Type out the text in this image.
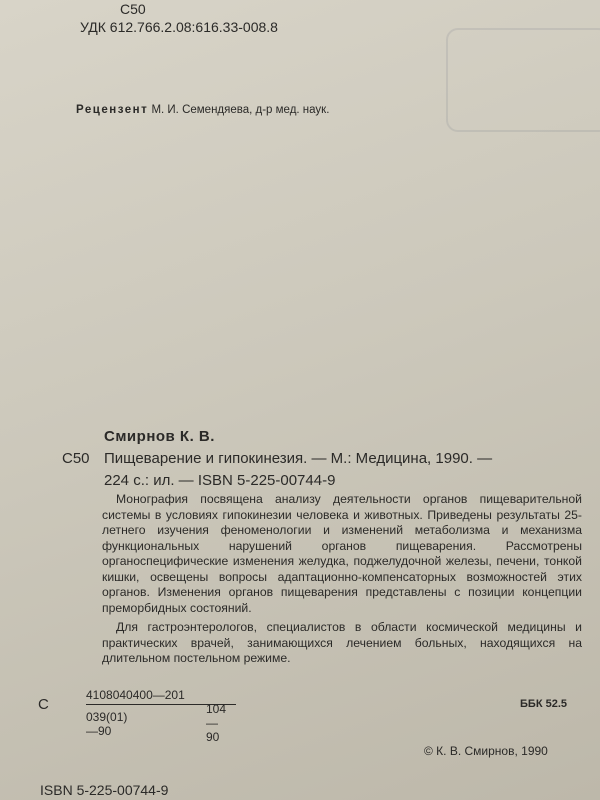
С50
УДК 612.766.2.08:616.33-008.8
Рецензент М. И. Семендяева, д-р мед. наук.
Смирнов К. В.
С50 Пищеварение и гипокинезия. — М.: Медицина, 1990. —
224 с.: ил. — ISBN 5-225-00744-9

Монография посвящена анализу деятельности органов пищеварительной системы в условиях гипокинезии человека и животных. Приведены результаты 25-летнего изучения феноменологии и изменений метаболизма и механизма функциональных нарушений органов пищеварения. Рассмотрены органоспецифические изменения желудка, поджелудочной железы, печени, тонкой кишки, освещены вопросы адаптационно-компенсаторных возможностей этих органов. Изменения органов пищеварения представлены с позиции концепции преморбидных состояний.

Для гастроэнтерологов, специалистов в области космической медицины и практических врачей, занимающихся лечением больных, находящихся на длительном постельном режиме.

С
4108040400—201
039(01)—90
104—90
ББК 52.5
© К. В. Смирнов, 1990
ISBN 5-225-00744-9
